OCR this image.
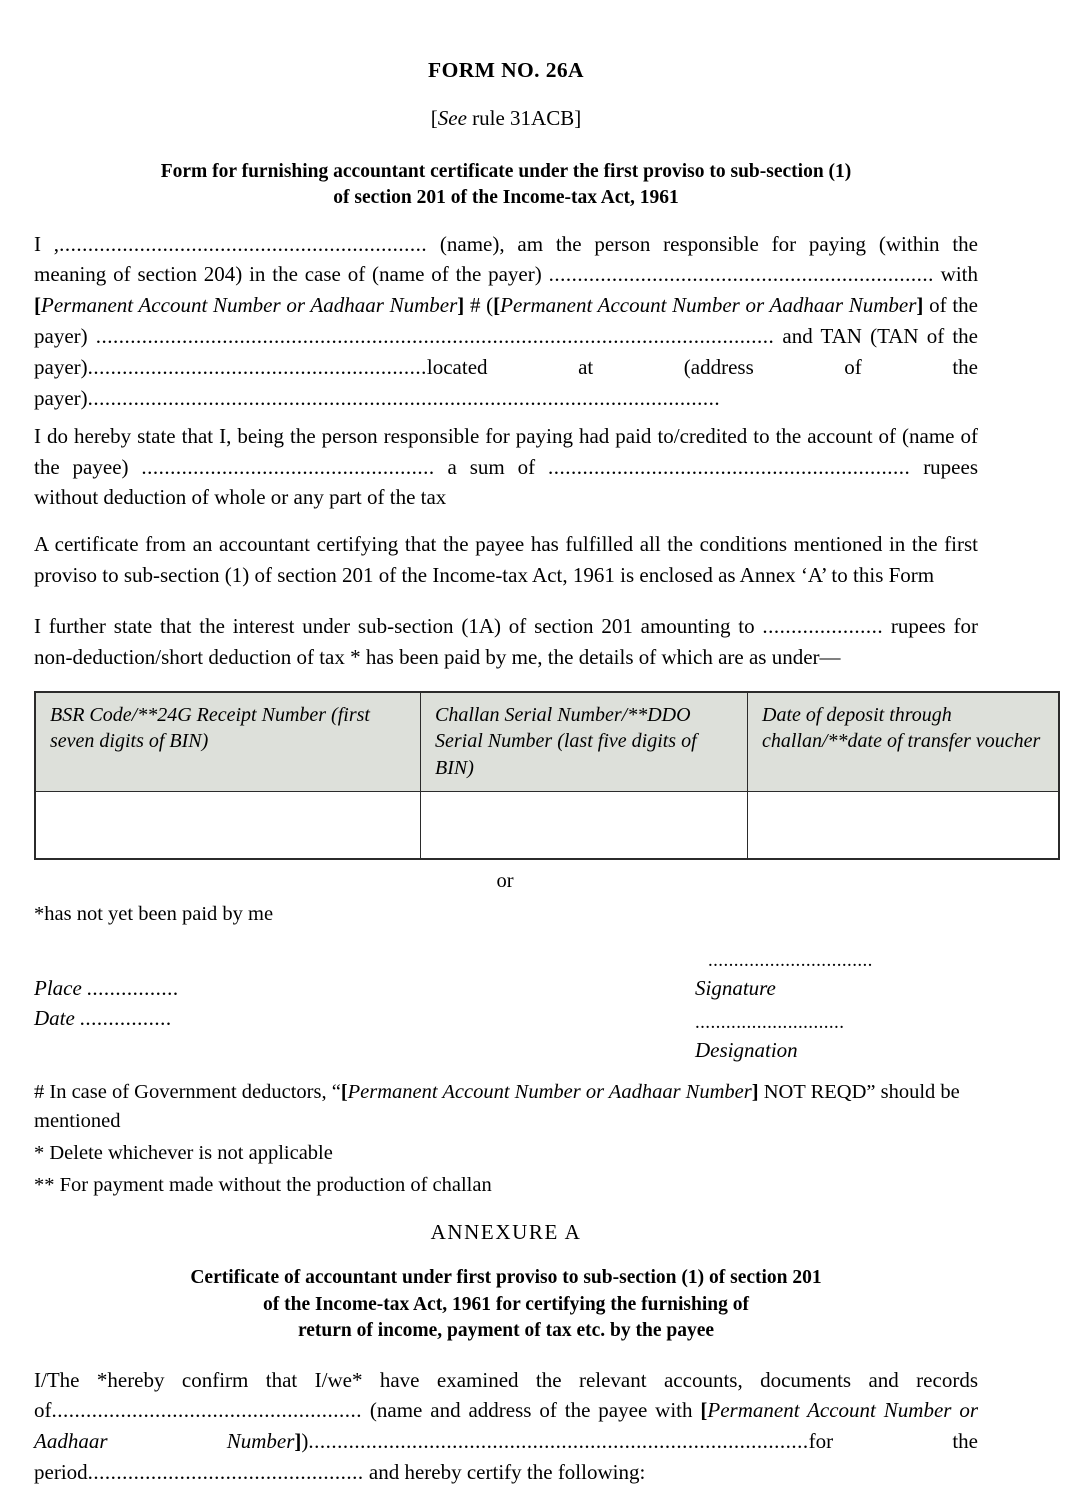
FORM NO. 26A
[See rule 31ACB]
Form for furnishing accountant certificate under the first proviso to sub-section (1)
of section 201 of the Income-tax Act, 1961

I ,................................................................ (name), am the person responsible for paying (within the meaning of section 204) in the case of (name of the payer) ................................................................... with [Permanent Account Number or Aadhaar Number] # ([Permanent Account Number or Aadhaar Number] of the payer) ...................................................................................................................... and TAN (TAN of the payer)...........................................................located at (address of the payer)..............................................................................................................

I do hereby state that I, being the person responsible for paying had paid to/credited to the account of (name of the payee) ................................................... a sum of ............................................................... rupees without deduction of whole or any part of the tax

A certificate from an accountant certifying that the payee has fulfilled all the conditions mentioned in the first proviso to sub-section (1) of section 201 of the Income-tax Act, 1961 is enclosed as Annex ‘A’ to this Form

I further state that the interest under sub-section (1A) of section 201 amounting to ..................... rupees for non-deduction/short deduction of tax * has been paid by me, the details of which are as under—

BSR Code/**24G Receipt Number (first seven digits of BIN)	Challan Serial Number/**DDO Serial Number (last five digits of BIN)	Date of deposit through challan/**date of transfer voucher

or
*has not yet been paid by me
Place ................
Date ................
................................
Signature
.............................
Designation
# In case of Government deductors, “[Permanent Account Number or Aadhaar Number] NOT REQD” should be mentioned
* Delete whichever is not applicable
** For payment made without the production of challan
ANNEXURE A
Certificate of accountant under first proviso to sub-section (1) of section 201
of the Income-tax Act, 1961 for certifying the furnishing of
return of income, payment of tax etc. by the payee

I/The *hereby confirm that I/we* have examined the relevant accounts, documents and records of...................................................... (name and address of the payee with [Permanent Account Number or Aadhaar Number]).......................................................................................for the period................................................ and hereby certify the following:
